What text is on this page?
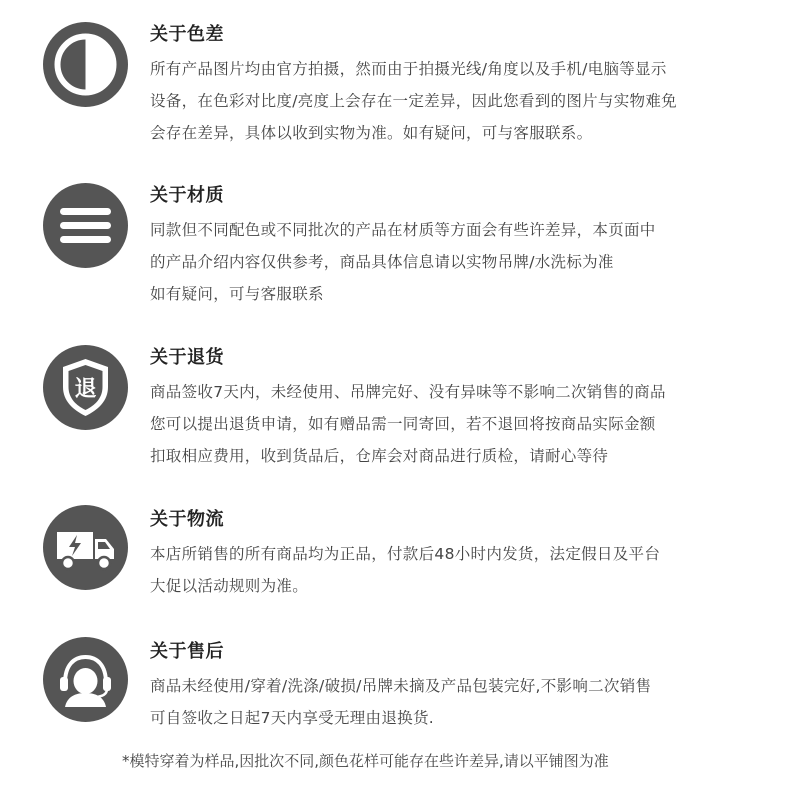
关于色差
所有产品图片均由官方拍摄，然而由于拍摄光线/角度以及手机/电脑等显示
设备，在色彩对比度/亮度上会存在一定差异，因此您看到的图片与实物难免
会存在差异，具体以收到实物为准。如有疑问，可与客服联系。
关于材质
同款但不同配色或不同批次的产品在材质等方面会有些许差异，本页面中
的产品介绍内容仅供参考，商品具体信息请以实物吊牌/水洗标为准
如有疑问，可与客服联系
退
关于退货
商品签收7天内，未经使用、吊牌完好、没有异味等不影响二次销售的商品
您可以提出退货申请，如有赠品需一同寄回，若不退回将按商品实际金额
扣取相应费用，收到货品后，仓库会对商品进行质检，请耐心等待
关于物流
本店所销售的所有商品均为正品，付款后48小时内发货，法定假日及平台
大促以活动规则为准。
关于售后
商品未经使用/穿着/洗涤/破损/吊牌未摘及产品包装完好,不影响二次销售
可自签收之日起7天内享受无理由退换货.
*模特穿着为样品,因批次不同,颜色花样可能存在些许差异,请以平铺图为准
